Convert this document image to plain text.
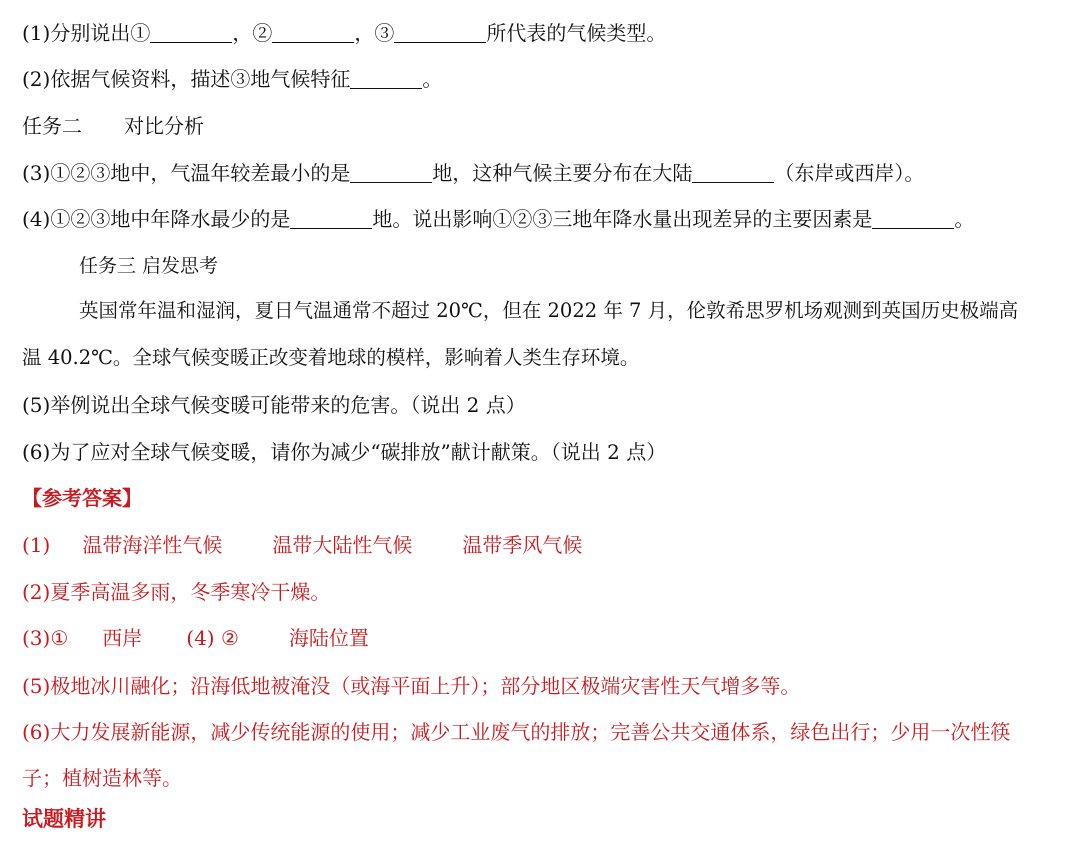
(1)分别说出①	，②	，③	所代表的气候类型。
(2)依据气候资料，描述③地气候特征	。
任务二 对比分析
(3)①②③地中，气温年较差最小的是	地，这种气候主要分布在大陆	（东岸或西岸）。
(4)①②③地中年降水最少的是	地。说出影响①②③三地年降水量出现差异的主要因素是	。
任务三 启发思考
英国常年温和湿润，夏日气温通常不超过 20℃，但在 2022 年 7 月，伦敦希思罗机场观测到英国历史极端高
温 40.2℃。全球气候变暖正改变着地球的模样，影响着人类生存环境。
(5)举例说出全球气候变暖可能带来的危害。（说出 2 点）
(6)为了应对全球气候变暖，请你为减少“碳排放”献计献策。（说出 2 点）
【参考答案】
(1) 温带海洋性气候	温带大陆性气候	温带季风气候
(2)夏季高温多雨，冬季寒冷干燥。
(3)① 西岸 (4) ②	海陆位置
(5)极地冰川融化；沿海低地被淹没（或海平面上升）；部分地区极端灾害性天气增多等。
(6)大力发展新能源，减少传统能源的使用；减少工业废气的排放；完善公共交通体系，绿色出行；少用一次性筷
子；植树造林等。
试题精讲
